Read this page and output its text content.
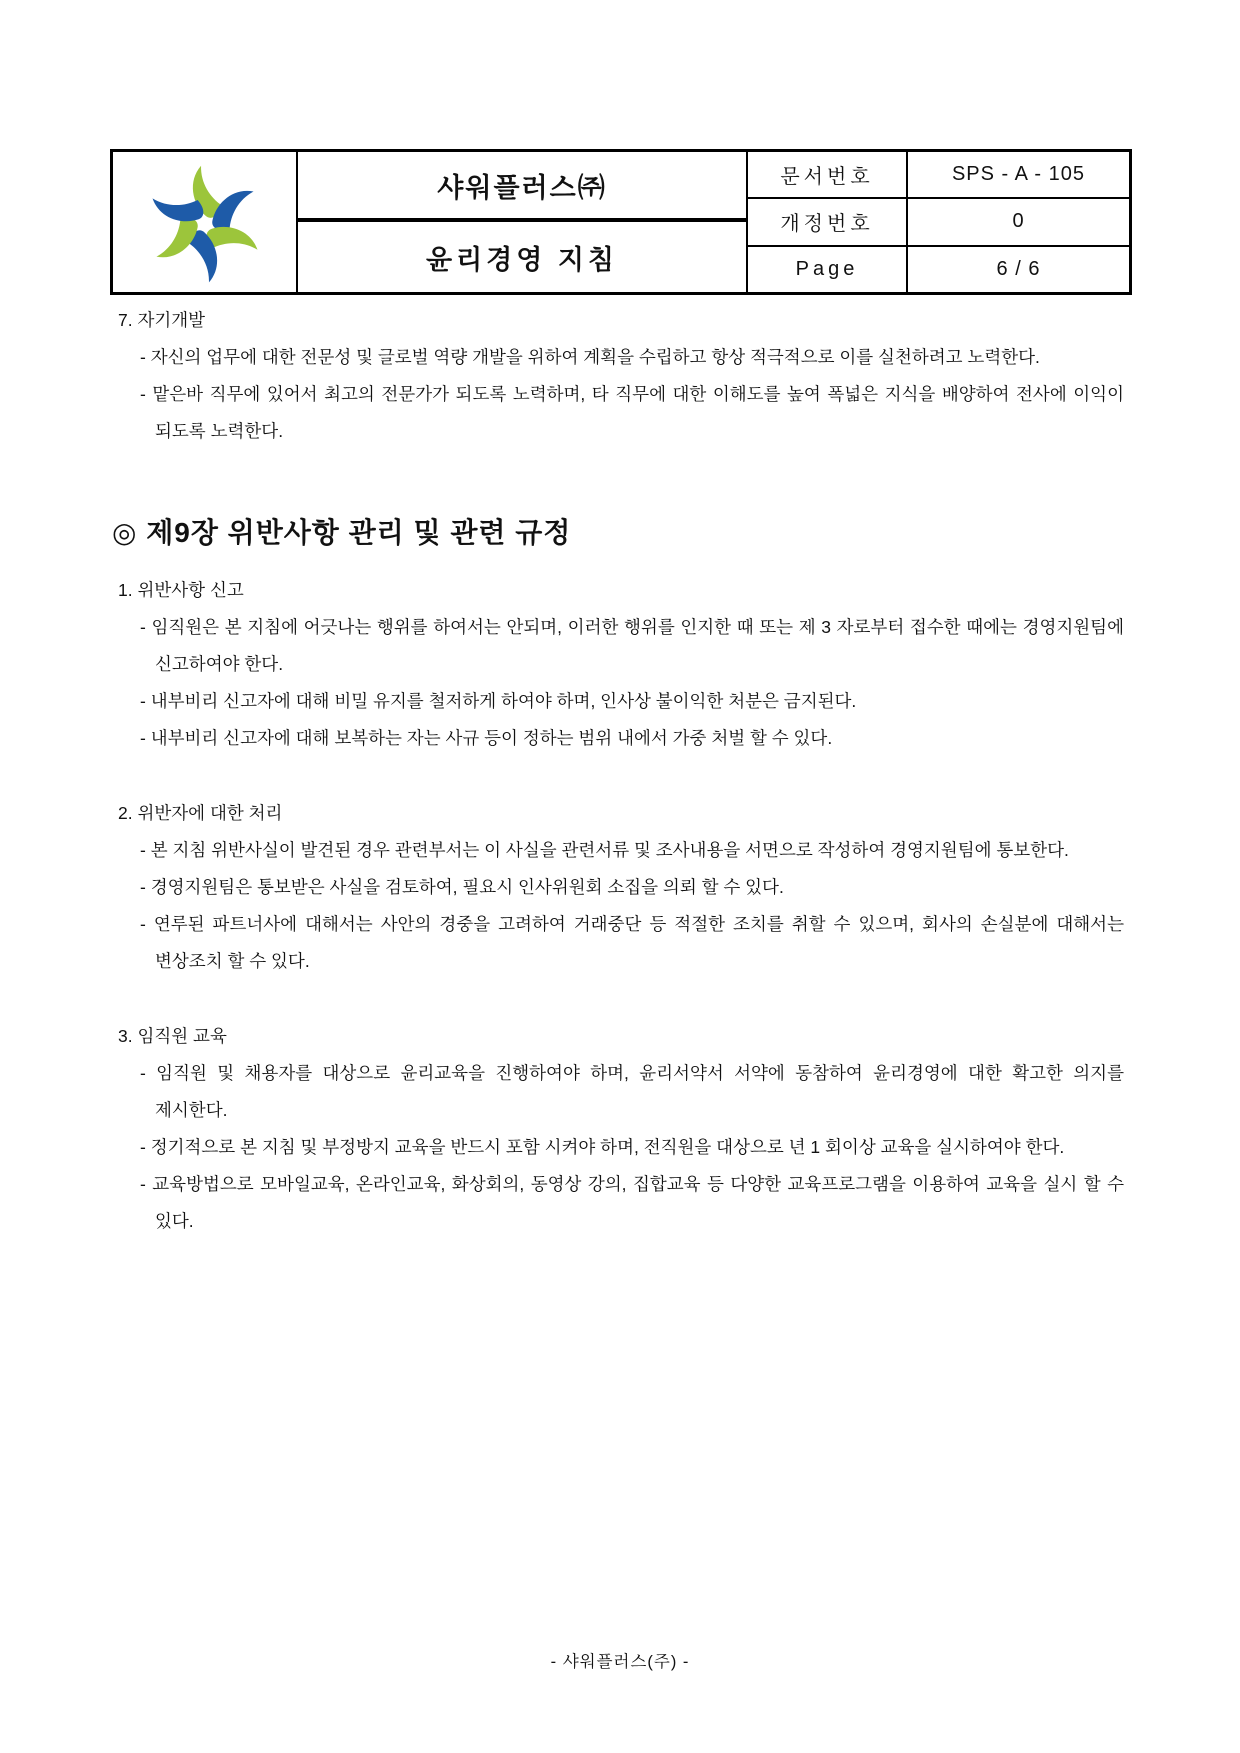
샤워플러스㈜
윤리경영 지침
문서번호	SPS - A - 105
개정번호	0
Page	6 / 6
7. 자기개발
- 자신의 업무에 대한 전문성 및 글로벌 역량 개발을 위하여 계획을 수립하고 항상 적극적으로 이를 실천하려고 노력한다.
- 맡은바 직무에 있어서 최고의 전문가가 되도록 노력하며, 타 직무에 대한 이해도를 높여 폭넓은 지식을 배양하여 전사에 이익이 되도록 노력한다.
◎ 제9장 위반사항 관리 및 관련 규정
1. 위반사항 신고
- 임직원은 본 지침에 어긋나는 행위를 하여서는 안되며, 이러한 행위를 인지한 때 또는 제 3 자로부터 접수한 때에는 경영지원팀에 신고하여야 한다.
- 내부비리 신고자에 대해 비밀 유지를 철저하게 하여야 하며, 인사상 불이익한 처분은 금지된다.
- 내부비리 신고자에 대해 보복하는 자는 사규 등이 정하는 범위 내에서 가중 처벌 할 수 있다.
2. 위반자에 대한 처리
- 본 지침 위반사실이 발견된 경우 관련부서는 이 사실을 관련서류 및 조사내용을 서면으로 작성하여 경영지원팀에 통보한다.
- 경영지원팀은 통보받은 사실을 검토하여, 필요시 인사위원회 소집을 의뢰 할 수 있다.
- 연루된 파트너사에 대해서는 사안의 경중을 고려하여 거래중단 등 적절한 조치를 취할 수 있으며, 회사의 손실분에 대해서는 변상조치 할 수 있다.
3. 임직원 교육
- 임직원 및 채용자를 대상으로 윤리교육을 진행하여야 하며, 윤리서약서 서약에 동참하여 윤리경영에 대한 확고한 의지를 제시한다.
- 정기적으로 본 지침 및 부정방지 교육을 반드시 포함 시켜야 하며, 전직원을 대상으로 년 1 회이상 교육을 실시하여야 한다.
- 교육방법으로 모바일교육, 온라인교육, 화상회의, 동영상 강의, 집합교육 등 다양한 교육프로그램을 이용하여 교육을 실시 할 수 있다.
- 샤워플러스(주) -
